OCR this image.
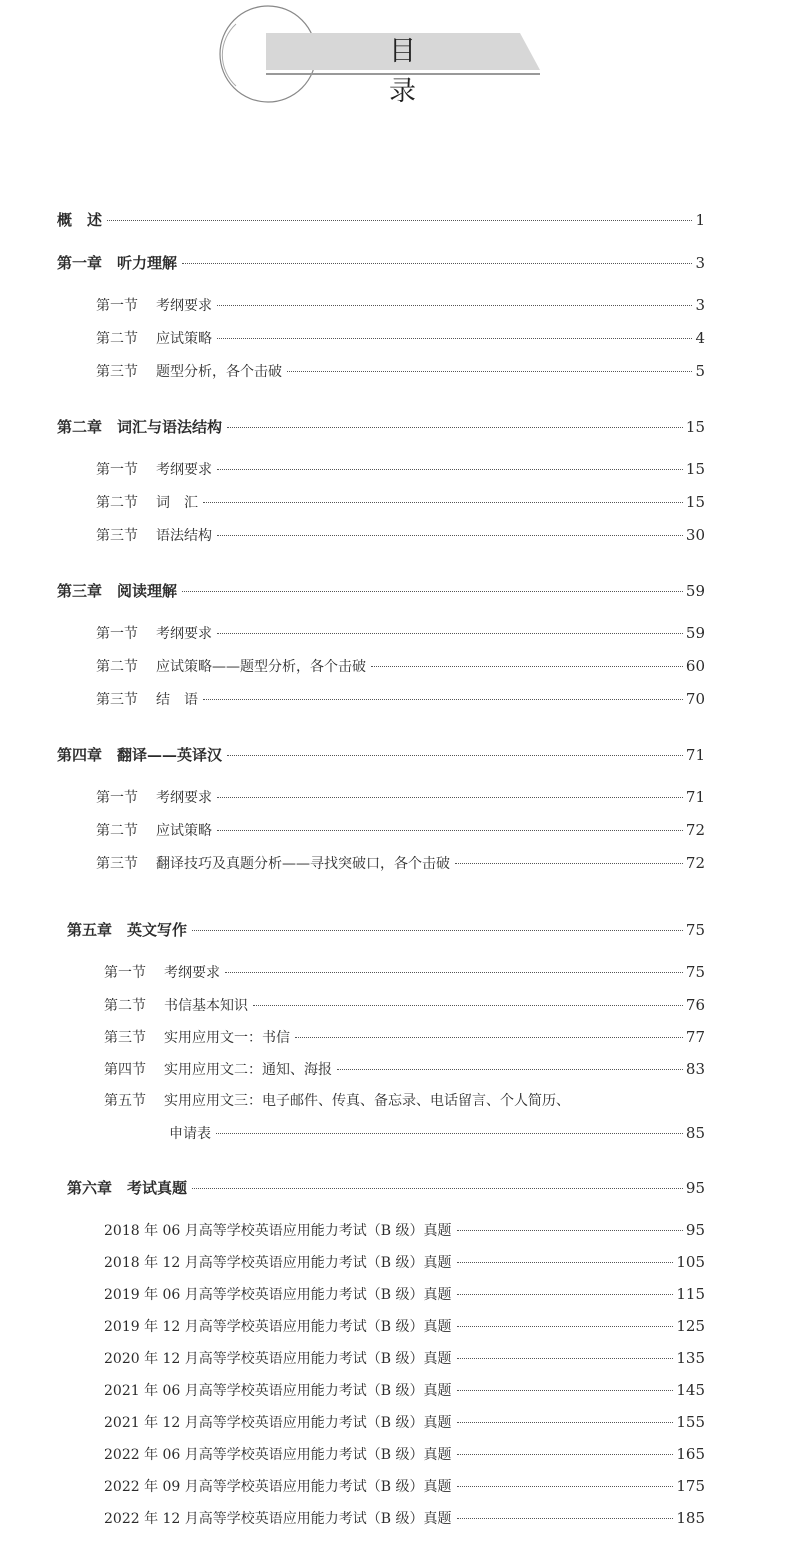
目　录
概　述	1
第一章　听力理解	3
第一节 考纲要求	3
第二节 应试策略	4
第三节 题型分析，各个击破	5
第二章　词汇与语法结构	15
第一节 考纲要求	15
第二节 词　汇	15
第三节 语法结构	30
第三章　阅读理解	59
第一节 考纲要求	59
第二节 应试策略——题型分析，各个击破	60
第三节 结　语	70
第四章　翻译——英译汉	71
第一节 考纲要求	71
第二节 应试策略	72
第三节 翻译技巧及真题分析——寻找突破口，各个击破	72
第五章　英文写作	75
第一节 考纲要求	75
第二节 书信基本知识	76
第三节 实用应用文一：书信	77
第四节 实用应用文二：通知、海报	83
第五节 实用应用文三：电子邮件、传真、备忘录、电话留言、个人简历、
申请表	85
第六章　考试真题	95
2018 年 06 月高等学校英语应用能力考试（B 级）真题	95
2018 年 12 月高等学校英语应用能力考试（B 级）真题	105
2019 年 06 月高等学校英语应用能力考试（B 级）真题	115
2019 年 12 月高等学校英语应用能力考试（B 级）真题	125
2020 年 12 月高等学校英语应用能力考试（B 级）真题	135
2021 年 06 月高等学校英语应用能力考试（B 级）真题	145
2021 年 12 月高等学校英语应用能力考试（B 级）真题	155
2022 年 06 月高等学校英语应用能力考试（B 级）真题	165
2022 年 09 月高等学校英语应用能力考试（B 级）真题	175
2022 年 12 月高等学校英语应用能力考试（B 级）真题	185
